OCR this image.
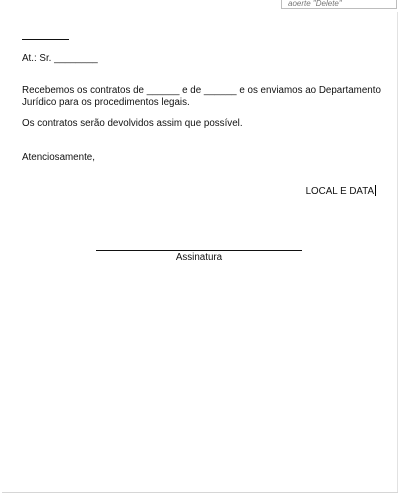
aoerte "Delete"
At.: Sr. ________
Recebemos os contratos de ______ e de ______ e os enviamos ao Departamento Jurídico para os procedimentos legais.
Os contratos serão devolvidos assim que possível.
Atenciosamente,
LOCAL E DATA
Assinatura
